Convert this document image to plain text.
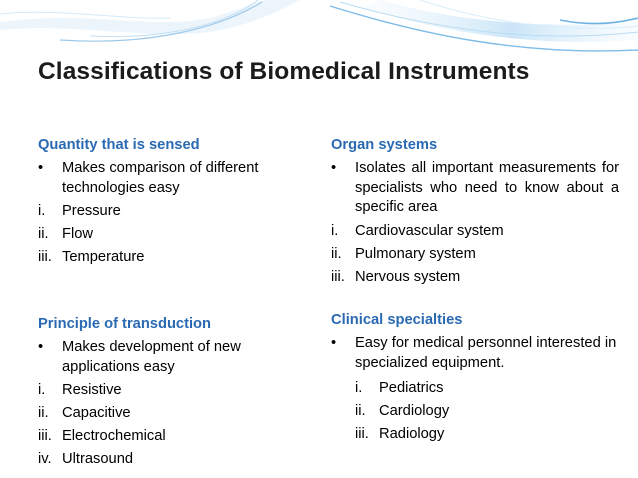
Classifications of Biomedical Instruments
Quantity that is sensed
• Makes comparison of different technologies easy
i. Pressure
ii. Flow
iii. Temperature
Principle of transduction
• Makes development of new applications easy
i. Resistive
ii. Capacitive
iii. Electrochemical
iv. Ultrasound
Organ systems
• Isolates all important measurements for specialists who need to know about a specific area
i. Cardiovascular system
ii. Pulmonary system
iii. Nervous system
Clinical specialties
• Easy for medical personnel interested in specialized equipment.
i. Pediatrics
ii. Cardiology
iii. Radiology
